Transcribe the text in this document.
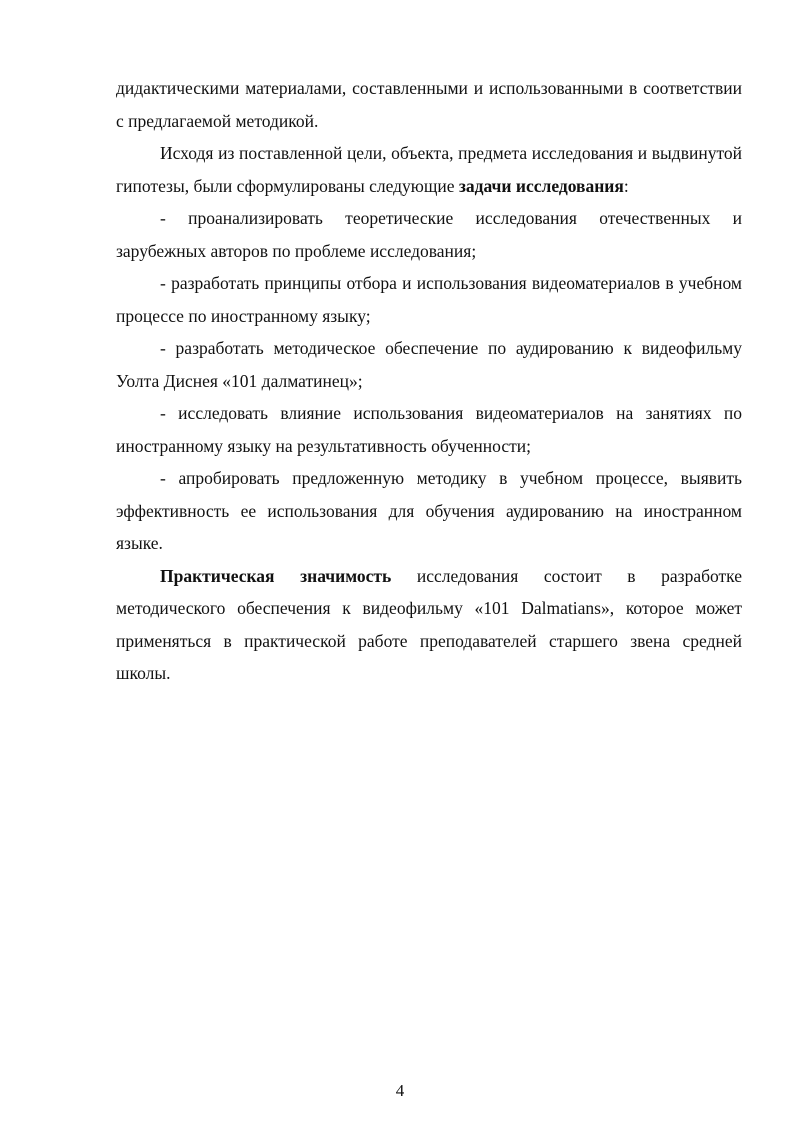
дидактическими материалами, составленными и использованными в соответствии с предлагаемой методикой.

Исходя из поставленной цели, объекта, предмета исследования и выдвинутой гипотезы, были сформулированы следующие задачи исследования:

- проанализировать теоретические исследования отечественных и зарубежных авторов по проблеме исследования;

- разработать принципы отбора и использования видеоматериалов в учебном процессе по иностранному языку;

- разработать методическое обеспечение по аудированию к видеофильму Уолта Диснея «101 далматинец»;

- исследовать влияние использования видеоматериалов на занятиях по иностранному языку на результативность обученности;

- апробировать предложенную методику в учебном процессе, выявить эффективность ее использования для обучения аудированию на иностранном языке.

Практическая значимость исследования состоит в разработке методического обеспечения к видеофильму «101 Dalmatians», которое может применяться в практической работе преподавателей старшего звена средней школы.

4
